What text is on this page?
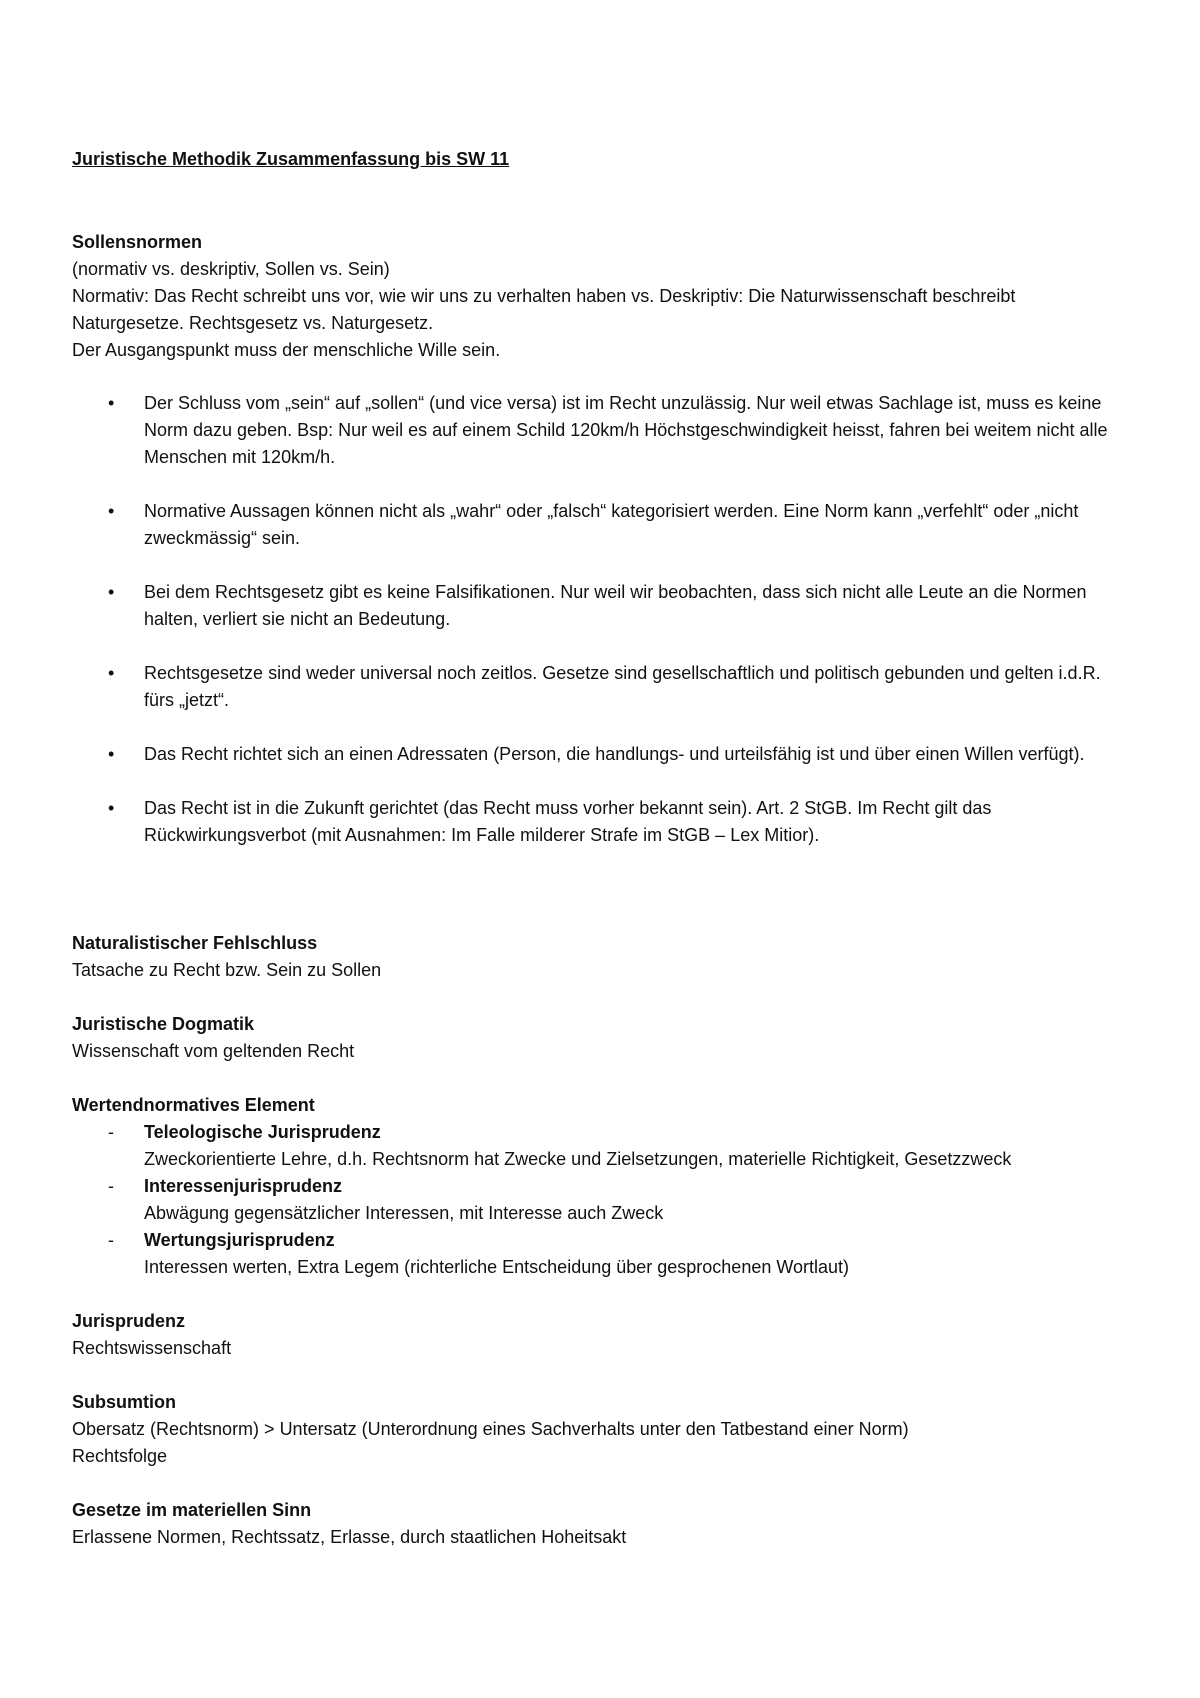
Juristische Methodik Zusammenfassung bis SW 11
Sollensnormen
(normativ vs. deskriptiv, Sollen vs. Sein)
Normativ: Das Recht schreibt uns vor, wie wir uns zu verhalten haben vs. Deskriptiv: Die Naturwissenschaft beschreibt Naturgesetze. Rechtsgesetz vs. Naturgesetz.
Der Ausgangspunkt muss der menschliche Wille sein.
• Der Schluss vom „sein“ auf „sollen“ (und vice versa) ist im Recht unzulässig. Nur weil etwas Sachlage ist, muss es keine Norm dazu geben. Bsp: Nur weil es auf einem Schild 120km/h Höchstgeschwindigkeit heisst, fahren bei weitem nicht alle Menschen mit 120km/h.
• Normative Aussagen können nicht als „wahr“ oder „falsch“ kategorisiert werden. Eine Norm kann „verfehlt“ oder „nicht zweckmässig“ sein.
• Bei dem Rechtsgesetz gibt es keine Falsifikationen. Nur weil wir beobachten, dass sich nicht alle Leute an die Normen halten, verliert sie nicht an Bedeutung.
• Rechtsgesetze sind weder universal noch zeitlos. Gesetze sind gesellschaftlich und politisch gebunden und gelten i.d.R. fürs „jetzt“.
• Das Recht richtet sich an einen Adressaten (Person, die handlungs- und urteilsfähig ist und über einen Willen verfügt).
• Das Recht ist in die Zukunft gerichtet (das Recht muss vorher bekannt sein). Art. 2 StGB. Im Recht gilt das Rückwirkungsverbot (mit Ausnahmen: Im Falle milderer Strafe im StGB – Lex Mitior).
Naturalistischer Fehlschluss
Tatsache zu Recht bzw. Sein zu Sollen
Juristische Dogmatik
Wissenschaft vom geltenden Recht
Wertendnormatives Element
- Teleologische Jurisprudenz
Zweckorientierte Lehre, d.h. Rechtsnorm hat Zwecke und Zielsetzungen, materielle Richtigkeit, Gesetzzweck
- Interessenjurisprudenz
Abwägung gegensätzlicher Interessen, mit Interesse auch Zweck
- Wertungsjurisprudenz
Interessen werten, Extra Legem (richterliche Entscheidung über gesprochenen Wortlaut)
Jurisprudenz
Rechtswissenschaft
Subsumtion
Obersatz (Rechtsnorm) > Untersatz (Unterordnung eines Sachverhalts unter den Tatbestand einer Norm)
Rechtsfolge
Gesetze im materiellen Sinn
Erlassene Normen, Rechtssatz, Erlasse, durch staatlichen Hoheitsakt
